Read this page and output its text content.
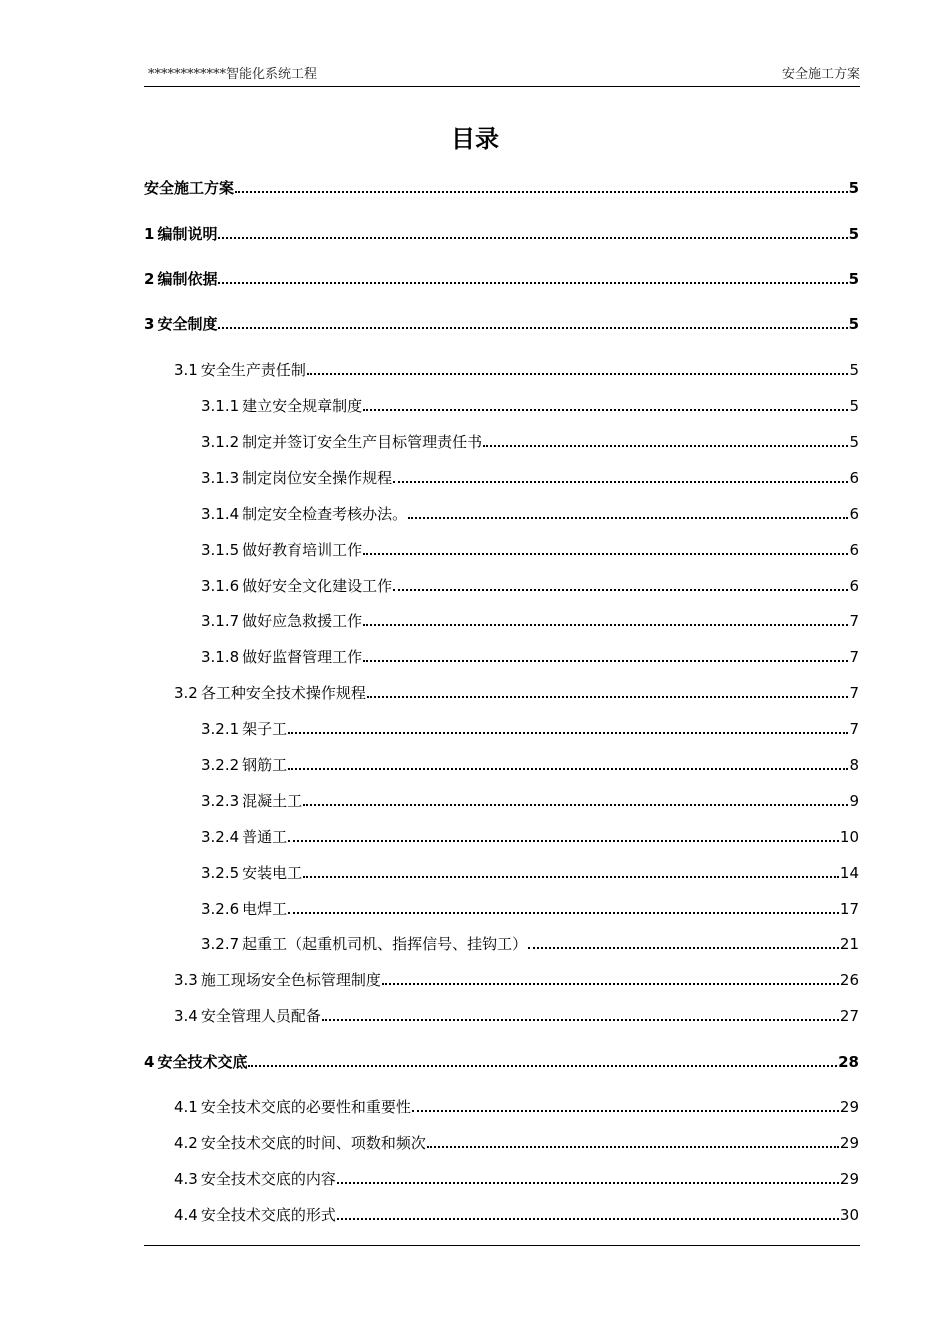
************智能化系统工程	安全施工方案
目录
安全施工方案	5
1 编制说明	5
2 编制依据	5
3 安全制度	5
3.1 安全生产责任制	5
3.1.1 建立安全规章制度	5
3.1.2 制定并签订安全生产目标管理责任书	5
3.1.3 制定岗位安全操作规程	6
3.1.4 制定安全检查考核办法。	6
3.1.5 做好教育培训工作	6
3.1.6 做好安全文化建设工作	6
3.1.7 做好应急救援工作	7
3.1.8 做好监督管理工作	7
3.2 各工种安全技术操作规程	7
3.2.1 架子工	7
3.2.2 钢筋工	8
3.2.3 混凝土工	9
3.2.4 普通工	10
3.2.5 安装电工	14
3.2.6 电焊工	17
3.2.7 起重工（起重机司机、指挥信号、挂钩工）	21
3.3 施工现场安全色标管理制度	26
3.4 安全管理人员配备	27
4 安全技术交底	28
4.1 安全技术交底的必要性和重要性	29
4.2 安全技术交底的时间、项数和频次	29
4.3 安全技术交底的内容	29
4.4 安全技术交底的形式	30
